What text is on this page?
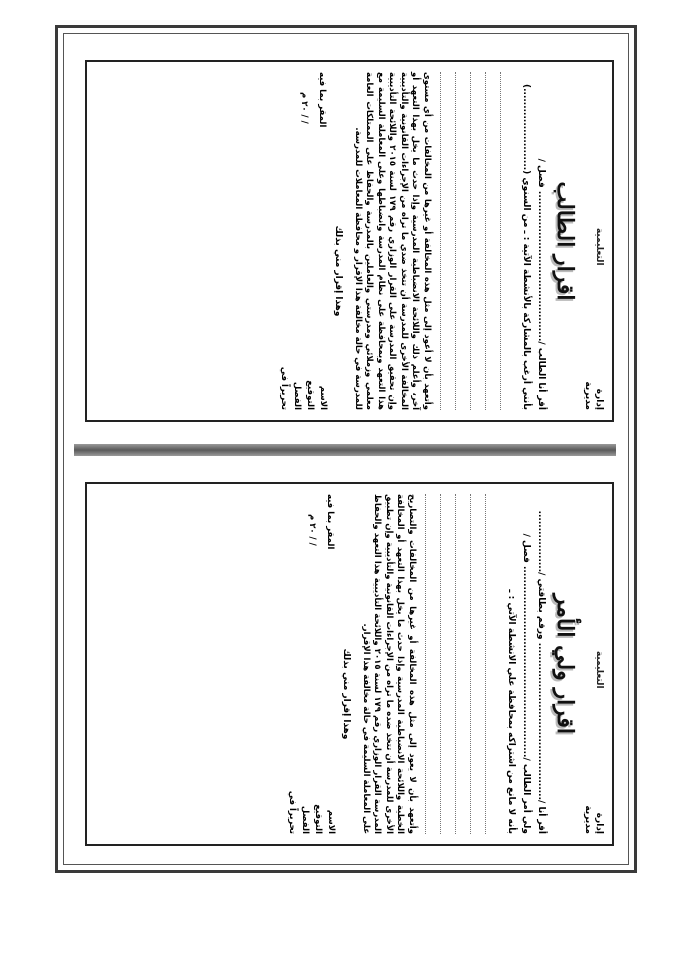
إدارة
مديرية
التعليمية
اقرار الطالب
أقر أنا الطالب /............................................ فصل /
بأنني أرغب بالمشاركة بالأنشطة الآتية : ـ من السنوي (........................)

وأتعهد بأن لا أعود إلى مثل هذه المخالفة أو غيرها من المخالفات من أي مستوى آخر، وأعلم ذلك واللائحة الانضباطية المدرسية وإذا حدث ما يخل بهذا التعهد أو المخالفة الأخرى للمدرسة أن تتخذ ضدي ما تراه من الإجراءات القانونية والتأديبية وإن تحقيق المدرسة على القرار الوزاري رقم ١٧٩ لسنة ٢٠١٥ واللائحة التأديبية هذا التعهد وبمحافظة على نظام المدرسة وانضباطها وعلى المعاملة السليمة مع معلمي وزملائي ومدرستي والعاملين بالمدرسة والحفاظ على الممتلكات العامة للمدرسة في حالة مخالفة هذا الإقرار و محافظة المعاملات للمدرسة.

وهذا إقرار مني بذلك
الاسم
التوقيع
الفصل
تحريراً في
المقر بما فيه
/ / ٢٠ م
إدارة
مديرية
التعليمية
اقرار ولي الأمر
أقر أنا /.............................................. ورقم بطاقتي /..................
ولي أمر الطالب /........................................................ فصل /
بأنه لا مانع من اشتراكه بمحافظة علي الانشطة الآتي : ـ

وأتعهد بأن لا يعود إلى مثل هذه المخالفة أو غيرها من المخالفات والتصاريح الخطية واللائحة الانضباطية المدرسية وإذا حدث ما يخل بهذا التعهد أو المخالفة الأخرى للمدرسة أن تتخذ ضده ما تراه من الإجراءات القانونية والتأديبية وإن تطبيق المدرسة القرار الوزاري رقم ١٧٩ لسنة ٢٠١٥ واللائحة التأديبية هذا التعهد والحفاظ على المعاملة السليمة في حالة مخالفة هذا الإقرار.

وهذا إقرار مني بذلك
الاسم
التوقيع
الفصل
تحريراً في
المقر بما فيه
/ / ٢٠ م
